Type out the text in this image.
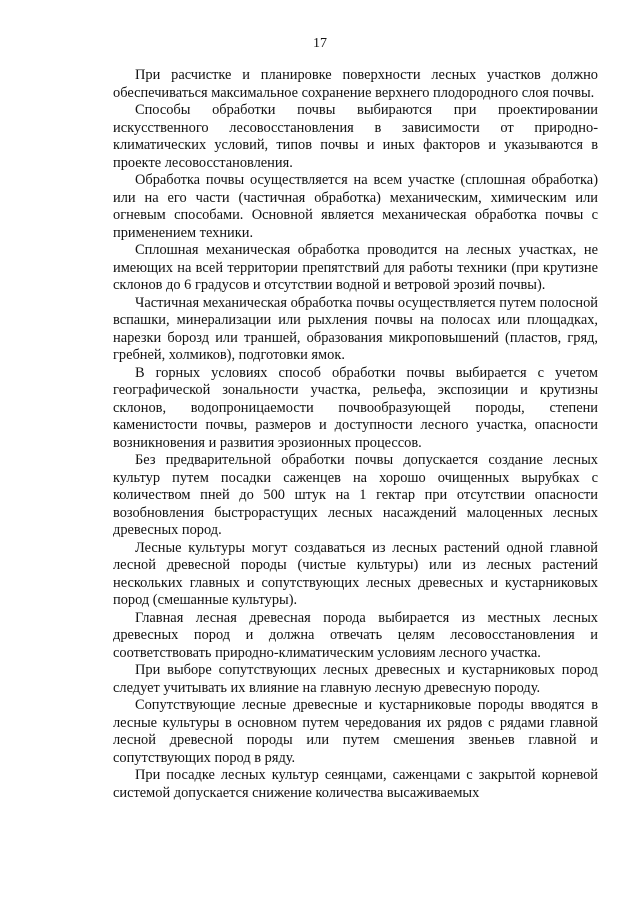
17

При расчистке и планировке поверхности лесных участков должно обеспечиваться максимальное сохранение верхнего плодородного слоя почвы.

Способы обработки почвы выбираются при проектировании искусственного лесовосстановления в зависимости от природно-климатических условий, типов почвы и иных факторов и указываются в проекте лесовосстановления.

Обработка почвы осуществляется на всем участке (сплошная обработка) или на его части (частичная обработка) механическим, химическим или огневым способами. Основной является механическая обработка почвы с применением техники.

Сплошная механическая обработка проводится на лесных участках, не имеющих на всей территории препятствий для работы техники (при крутизне склонов до 6 градусов и отсутствии водной и ветровой эрозий почвы).

Частичная механическая обработка почвы осуществляется путем полосной вспашки, минерализации или рыхления почвы на полосах или площадках, нарезки борозд или траншей, образования микроповышений (пластов, гряд, гребней, холмиков), подготовки ямок.

В горных условиях способ обработки почвы выбирается с учетом географической зональности участка, рельефа, экспозиции и крутизны склонов, водопроницаемости почвообразующей породы, степени каменистости почвы, размеров и доступности лесного участка, опасности возникновения и развития эрозионных процессов.

Без предварительной обработки почвы допускается создание лесных культур путем посадки саженцев на хорошо очищенных вырубках с количеством пней до 500 штук на 1 гектар при отсутствии опасности возобновления быстрорастущих лесных насаждений малоценных лесных древесных пород.

Лесные культуры могут создаваться из лесных растений одной главной лесной древесной породы (чистые культуры) или из лесных растений нескольких главных и сопутствующих лесных древесных и кустарниковых пород (смешанные культуры).

Главная лесная древесная порода выбирается из местных лесных древесных пород и должна отвечать целям лесовосстановления и соответствовать природно-климатическим условиям лесного участка.

При выборе сопутствующих лесных древесных и кустарниковых пород следует учитывать их влияние на главную лесную древесную породу.

Сопутствующие лесные древесные и кустарниковые породы вводятся в лесные культуры в основном путем чередования их рядов с рядами главной лесной древесной породы или путем смешения звеньев главной и сопутствующих пород в ряду.

При посадке лесных культур сеянцами, саженцами с закрытой корневой системой допускается снижение количества высаживаемых
